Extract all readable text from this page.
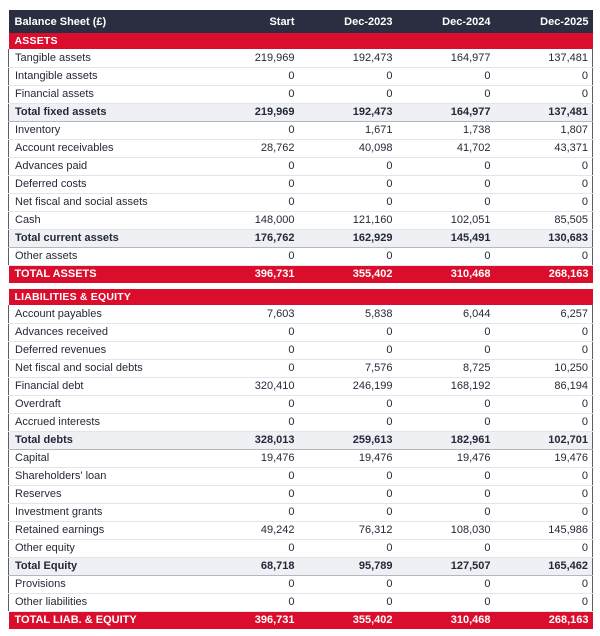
Balance Sheet (£)	Start	Dec-2023	Dec-2024	Dec-2025
ASSETS				
Tangible assets	219,969	192,473	164,977	137,481
Intangible assets	0	0	0	0
Financial assets	0	0	0	0
Total fixed assets	219,969	192,473	164,977	137,481
Inventory	0	1,671	1,738	1,807
Account receivables	28,762	40,098	41,702	43,371
Advances paid	0	0	0	0
Deferred costs	0	0	0	0
Net fiscal and social assets	0	0	0	0
Cash	148,000	121,160	102,051	85,505
Total current assets	176,762	162,929	145,491	130,683
Other assets	0	0	0	0
TOTAL ASSETS	396,731	355,402	310,468	268,163

LIABILITIES & EQUITY				
Account payables	7,603	5,838	6,044	6,257
Advances received	0	0	0	0
Deferred revenues	0	0	0	0
Net fiscal and social debts	0	7,576	8,725	10,250
Financial debt	320,410	246,199	168,192	86,194
Overdraft	0	0	0	0
Accrued interests	0	0	0	0
Total debts	328,013	259,613	182,961	102,701
Capital	19,476	19,476	19,476	19,476
Shareholders' loan	0	0	0	0
Reserves	0	0	0	0
Investment grants	0	0	0	0
Retained earnings	49,242	76,312	108,030	145,986
Other equity	0	0	0	0
Total Equity	68,718	95,789	127,507	165,462
Provisions	0	0	0	0
Other liabilities	0	0	0	0
TOTAL LIAB. & EQUITY	396,731	355,402	310,468	268,163
